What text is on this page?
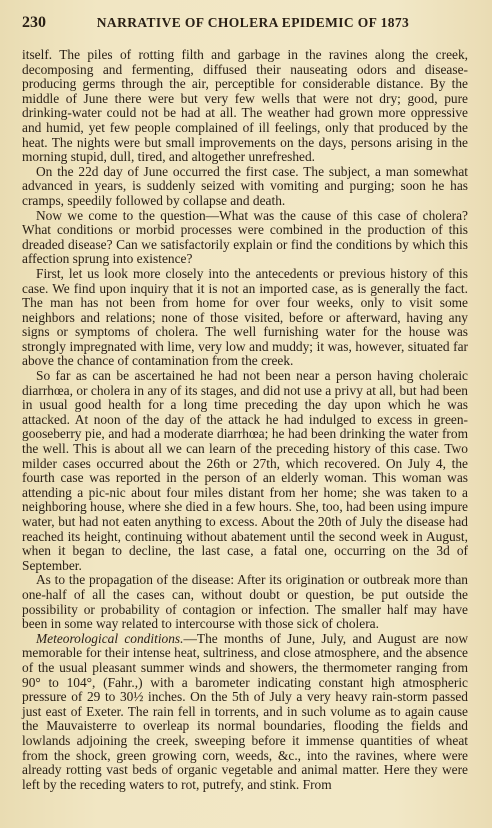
230	NARRATIVE OF CHOLERA EPIDEMIC OF 1873

itself. The piles of rotting filth and garbage in the ravines along the creek, decomposing and fermenting, diffused their nauseating odors and disease-producing germs through the air, perceptible for considerable distance. By the middle of June there were but very few wells that were not dry; good, pure drinking-water could not be had at all. The weather had grown more oppressive and humid, yet few people complained of ill feelings, only that produced by the heat. The nights were but small improvements on the days, persons arising in the morning stupid, dull, tired, and altogether unrefreshed.

On the 22d day of June occurred the first case. The subject, a man somewhat advanced in years, is suddenly seized with vomiting and purging; soon he has cramps, speedily followed by collapse and death.

Now we come to the question—What was the cause of this case of cholera? What conditions or morbid processes were combined in the production of this dreaded disease? Can we satisfactorily explain or find the conditions by which this affection sprung into existence?

First, let us look more closely into the antecedents or previous history of this case. We find upon inquiry that it is not an imported case, as is generally the fact. The man has not been from home for over four weeks, only to visit some neighbors and relations; none of those visited, before or afterward, having any signs or symptoms of cholera. The well furnishing water for the house was strongly impregnated with lime, very low and muddy; it was, however, situated far above the chance of contamination from the creek.

So far as can be ascertained he had not been near a person having choleraic diarrhœa, or cholera in any of its stages, and did not use a privy at all, but had been in usual good health for a long time preceding the day upon which he was attacked. At noon of the day of the attack he had indulged to excess in green-gooseberry pie, and had a moderate diarrhœa; he had been drinking the water from the well. This is about all we can learn of the preceding history of this case. Two milder cases occurred about the 26th or 27th, which recovered. On July 4, the fourth case was reported in the person of an elderly woman. This woman was attending a pic-nic about four miles distant from her home; she was taken to a neighboring house, where she died in a few hours. She, too, had been using impure water, but had not eaten anything to excess. About the 20th of July the disease had reached its height, continuing without abatement until the second week in August, when it began to decline, the last case, a fatal one, occurring on the 3d of September.

As to the propagation of the disease: After its origination or outbreak more than one-half of all the cases can, without doubt or question, be put outside the possibility or probability of contagion or infection. The smaller half may have been in some way related to intercourse with those sick of cholera.

Meteorological conditions.—The months of June, July, and August are now memorable for their intense heat, sultriness, and close atmosphere, and the absence of the usual pleasant summer winds and showers, the thermometer ranging from 90° to 104°, (Fahr.,) with a barometer indicating constant high atmospheric pressure of 29 to 30½ inches. On the 5th of July a very heavy rain-storm passed just east of Exeter. The rain fell in torrents, and in such volume as to again cause the Mauvaisterre to overleap its normal boundaries, flooding the fields and lowlands adjoining the creek, sweeping before it immense quantities of wheat from the shock, green growing corn, weeds, &c., into the ravines, where were already rotting vast beds of organic vegetable and animal matter. Here they were left by the receding waters to rot, putrefy, and stink. From
